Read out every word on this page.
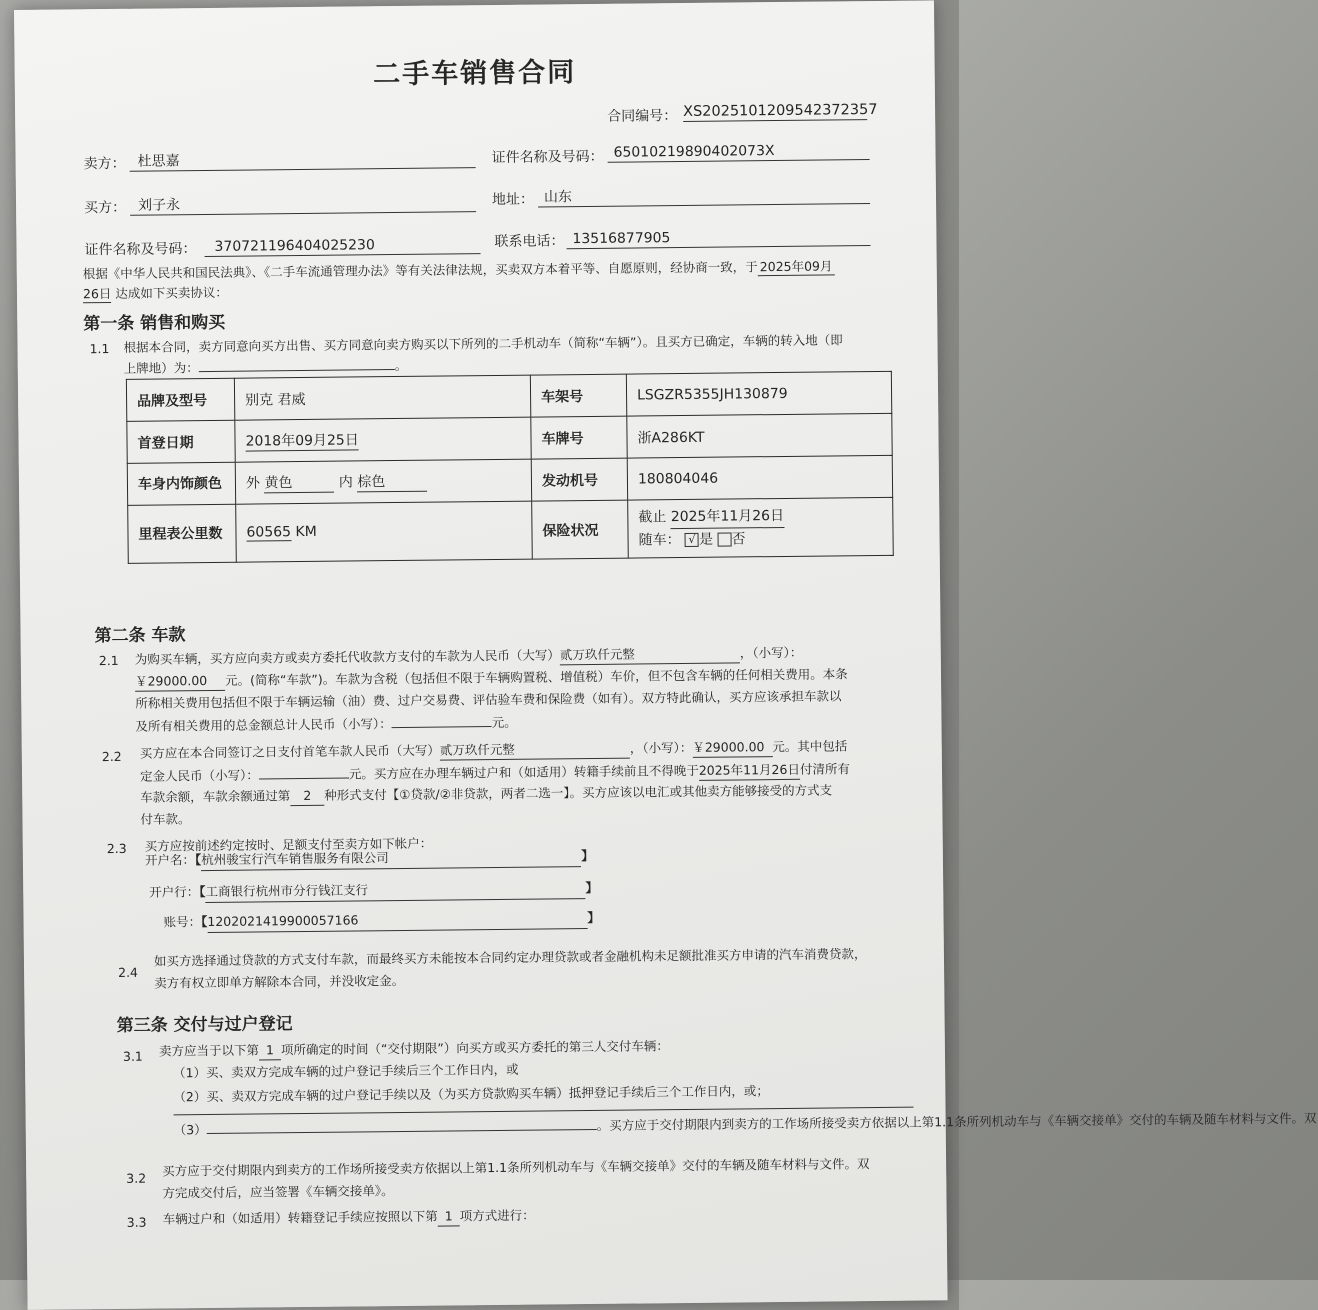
二手车销售合同
合同编号： XS2025101209542372357
卖方： 杜思嘉	证件名称及号码： 65010219890402073X
买方： 刘子永	地址： 山东
证件名称及号码：	370721196404025230	联系电话： 13516877905
根据《中华人民共和国民法典》、《二手车流通管理办法》等有关法律法规，买卖双方本着平等、自愿原则，经协商一致，于 2025年09月
26日 达成如下买卖协议：
第一条 销售和购买
1.1 根据本合同，卖方同意向买方出售、买方同意向卖方购买以下所列的二手机动车（简称“车辆”）。且买方已确定，车辆的转入地（即
上牌地）为：	。
品牌及型号	别克 君威	车架号	LSGZR5355JH130879
首登日期	2018年09月25日	车牌号	浙A286KT
车身内饰颜色	外 黄色 内 棕色	发动机号	180804046
里程表公里数	60565 KM	保险状况	截止 2025年11月26日
随车： √ 是 否
第二条 车款
2.1 为购买车辆，买方应向卖方或卖方委托代收款方支付的车款为人民币（大写）贰万玖仟元整	，（小写）：
￥29000.00 元。(简称“车款”)。车款为含税（包括但不限于车辆购置税、增值税）车价，但不包含车辆的任何相关费用。本条
所称相关费用包括但不限于车辆运输（油）费、过户交易费、评估验车费和保险费（如有）。双方特此确认，买方应该承担车款以
及所有相关费用的总金额总计人民币（小写）：	元。
2.2 买方应在本合同签订之日支付首笔车款人民币（大写）贰万玖仟元整	，（小写）：￥29000.00 元。其中包括
定金人民币（小写）：	元。买方应在办理车辆过户和（如适用）转籍手续前且不得晚于2025年11月26日付清所有
车款余额，车款余额通过第 2 种形式支付【①贷款/②非贷款，两者二选一】。买方应该以电汇或其他卖方能够接受的方式支
付车款。
2.3 买方应按前述约定按时、足额支付至卖方如下帐户：
开户名：【杭州骏宝行汽车销售服务有限公司	】
开户行：【工商银行杭州市分行钱江支行	】
账号：【1202021419900057166	】
2.4
如买方选择通过贷款的方式支付车款，而最终买方未能按本合同约定办理贷款或者金融机构未足额批准买方申请的汽车消费贷款，
卖方有权立即单方解除本合同，并没收定金。
第三条 交付与过户登记
3.1 卖方应当于以下第 1 项所确定的时间（“交付期限”）向买方或买方委托的第三人交付车辆：
（1）买、卖双方完成车辆的过户登记手续后三个工作日内，或
（2）买、卖双方完成车辆的过户登记手续以及（为买方贷款购买车辆）抵押登记手续后三个工作日内，或；
（3）	。买方应于交付期限内到卖方的工作场所接受卖方依据以上第1.1条所列机动车与《车辆交接单》交付的车辆及随车材料与文件。双
3.2 买方应于交付期限内到卖方的工作场所接受卖方依据以上第1.1条所列机动车与《车辆交接单》交付的车辆及随车材料与文件。双
方完成交付后，应当签署《车辆交接单》。
3.3 车辆过户和（如适用）转籍登记手续应按照以下第 1 项方式进行：
